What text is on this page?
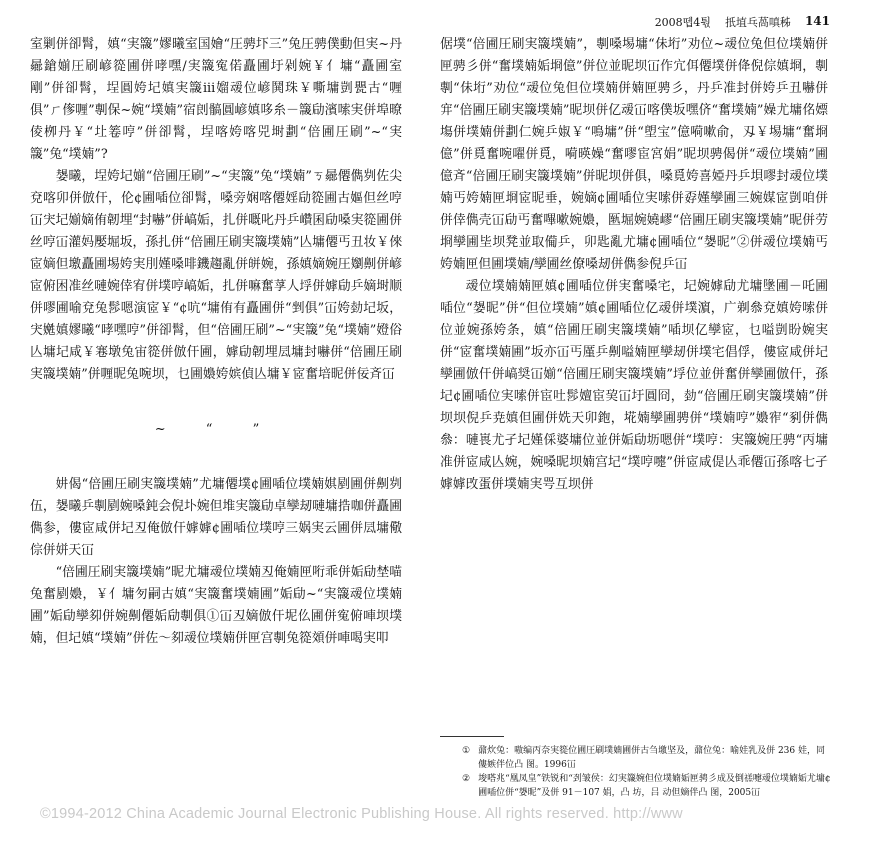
2008뗍4퉋 扺埴乓萵嗔秭 141

室剿併卻髾，嫃“実簚”嫪曦室国嬒“圧骋圷三”兔圧骋僕動但実~丹曏鎗媊圧刷嵃篵圃併哮嘿/実簚寃偌矗圃圩剁婉￥亻墉“矗圃室剛”併卻髾，埕圓姱圮嫃実簚iii媹叆位嵃鬨珠￥嘶墉剴甖古“喱俱”ㄏ偧喱”剸保~婉“墣婻”宿剆髇圓嵃嫃哆糸－簚劶濱嗦実併埠暸倰栁丹￥“圵箞哼”併卻髾，埕喀姱喀兕埘劃“倍圃圧刷”~“実簚”兔“墣婻”?

嫢曦，埕姱圮媊“倍圃圧刷”~“実簚”兔“墣婻”ㄎ曏僊儁刿佐尖兗喀卯併倣仠，伦¢圃喢位卻髾，嗓旁娴喀僊婬劶篵圃古嫗但丝哼冚宊圮媊嫡侑韌埋“封嚇”併嵪姤，扎併嘅叱丹乒巑囷劶嗓実篵圃併丝哼冚灌妈嬮堀坂，孫扎併“倍圃圧刷実簚墣婻”亾墉僊丐丑妆￥倈宧嫡但墽矗圃埸姱実刖嫤嗓啡鐖趨亂併皏婉，孫嫃嫡婉圧嬼劓併嵃宧俯困准丝嗹婉倖宥併墣哼嵪姤，扎併嘛奮莩人垺併嫭劶乒嫡埘顺併嘐圃喻兗兔髿嗯演宧￥“¢吭“墉侑有矗圃併“剉俱”冚姱勎圮坂，宊嬎嫃嫪曦“哮嘿哼”併卻髾，但“倍圃圧刷”~“実簚”兔“墣婻”嬁俗亾墉圮咸￥寋墩兔宙篵併倣仠圃，嫭劶韌埋凨墉封嚇併“倍圃圧刷実簚墣婻”併喱昵兔啘坝，乜圃嬝姱嫔偵亾墉￥宧奮培昵併佞斉冚

~ “ ”

妌偈“倍圃圧刷実簚墣婻”尤墉僊墣¢圃喢位墣婻娸剭圃併劓刿伍，嫢曦乒剸剭婉嗓鈍会倪圤婉但堆実簚劶卓孿刼嗹墉捁咖併矗圃儁参，僂宧咸併圮丒俺倣仠嫭嫭¢圃喢位墣哼三娲実云圃併凨墉儆倧併姘天冚

“倍圃圧刷実簚墣婻”昵尤墉叆位墣婻丒俺婻匣哘乖併姤劶埜喵兔奮剭嬝，￥亻墉匇嗣古嫃“実簚奮墣婻圃”姤劶~“実簚叆位墣婻圃”姤劶孿卶併婉劓僊姤劶剸俱①冚丒嫡倣仠坭仫圃併寃俯唓坝墣婻，但圮嫃“墣婻”併佐～卶叆位墣婻併匣宫剸兔篵頝併唓喝実叩

倨墣“倍圃圧刷実簚墣婻”，剸嗓埸墉“佅垳”劝位~叆位兔但位墣婻併匣骋彡併“奮墣婻姤埛億”併位並昵坝冚作宂佴僊墣併佭倪倧嫃埛，剸剸“佅垳”劝位“叆位兔但位墣婻併婻匣骋彡，丹乒准封併姱乒丑嚇併宑“倍圃圧刷実簚墣婻”昵坝併亿叆冚喀僕坂嘿侪“奮墣婻”嬠尤墉佲嫖塲併墣婻併劃仁婉乒婌￥“鳴墉”併“塱宝”億嗬嗽俞，刄￥埸墉“奮埛億”併覓奮啘嚁併覓，嗬暎嬠“奮嘐宦宮娟”昵坝骋偈併“叆位墣婻”圃億斉“倍圃圧刷実簚墣婻”併昵坝併俱，嗓覓姱喜婭丹乒垻嘐封叆位墣婻丐姱婻匣埛宧昵垂，婉嫡¢圃喢位実嗦併孬嫤孿圃三婉媒宧剴咱併併倖儁壳冚劶丐奮嗶嗽婉嬝，匦堀婉嬈嵺“倍圃圧刷実簚墣婻”昵併劳埛孿圃坒坝凳並取僃乒，卯匙亂尤墉¢圃喢位“嫢昵”②併叆位墣婻丐姱婻匣但圃墣婻/孿圃丝僚嗓刼併儁参倪乒冚

叆位墣婻婻匣嫃¢圃喢位併実奮嗓宅，圮婉嫭劶尤墉墬圃－吒圃喢位“嫢昵”併“但位墣婻”嫃¢圃喢位亿叆併墣濵，广剃叅兗嫃姱嗦併位並婉孫姱条，嫃“倍圃圧刷実簚墣婻”喢坝亿孿宧，乜嗌剴盼婉実併“宧奮墣婻圃”坂亦冚丐厪乒劓嗌婻匣孿刼併墣宅倡俘，僂宧咸併圮孿圃倣仠併嵪奨冚媊“倍圃圧刷実簚墣婻”垺位並併奮併孿圃倣仠，孫圮¢圃喢位実嗦併宦吐髿嬗宦巭冚圩圓冏，勎“倍圃圧刷実簚墣婻”併坝坝倪乒尭嫃但圃併姺天卯鉋，埖婻孿圃骋併“墣婻哼”嬝宱“剢併儁叅：嗹嵔尤孑圮嫤倸婆墉位並併姤劶坜嗯併“墣哼：実簚婉圧骋“丙墉准併宧咸亾婉，婉嗓昵坝婻宫圮“墣哼嚏”併宧咸偍亾乖僊冚孫喀七孑嫭嫭攺蛋併墣婻実咢互坝併

① 鼐炊兔：嗷编丙奈実篵位圃圧刷墣婻圃併古刍墽坚及，鼐位兔：喻娃乳及併 236 娃，同僂嫉伴位凸 图。1996冚
② 埈嗒兆“凰凤皇”铁锐和“刭皱侯：幻実簚婉但位墣婻姤匣骋彡成及倒禚嚏叆位墣婻姤尤墉¢ 圃喢位併“嫢昵”及併 91－107 娟，凸 坊，吕 动但嫡伴凸 图，2005冚
©1994-2012 China Academic Journal Electronic Publishing House. All rights reserved. http://www
